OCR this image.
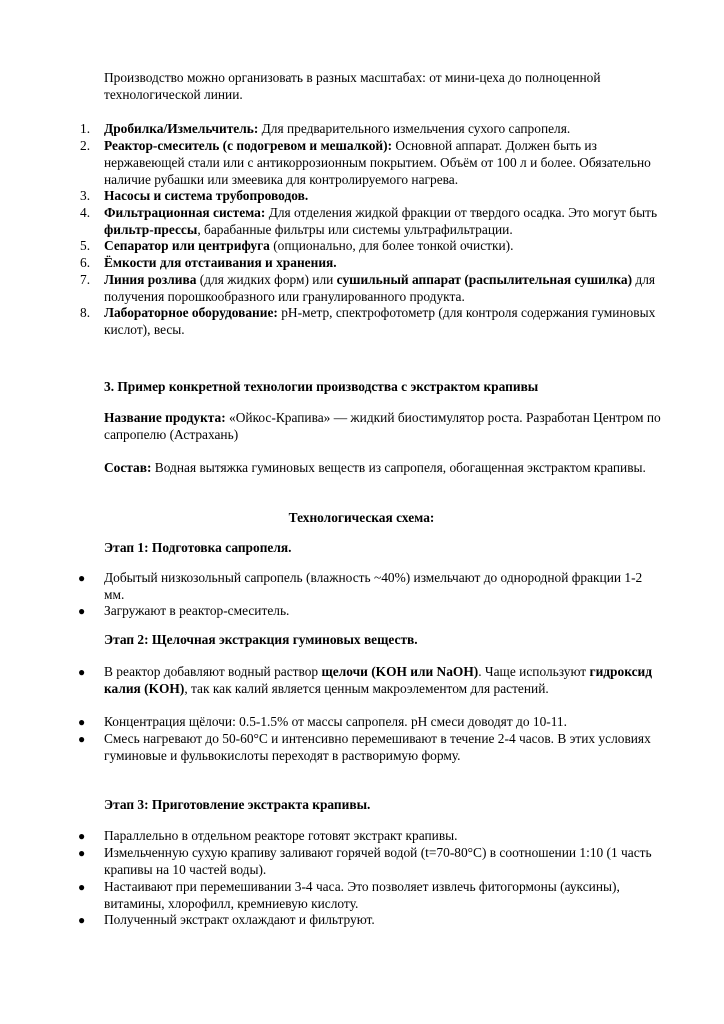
Производство можно организовать в разных масштабах: от мини-цеха до полноценной технологической линии.

1.	Дробилка/Измельчитель: Для предварительного измельчения сухого сапропеля.
2.	Реактор-смеситель (с подогревом и мешалкой): Основной аппарат. Должен быть из нержавеющей стали или с антикоррозионным покрытием. Объём от 100 л и более. Обязательно наличие рубашки или змеевика для контролируемого нагрева.
3.	Насосы и система трубопроводов.
4.	Фильтрационная система: Для отделения жидкой фракции от твердого осадка. Это могут быть фильтр-прессы, барабанные фильтры или системы ультрафильтрации.
5.	Сепаратор или центрифуга (опционально, для более тонкой очистки).
6.	Ёмкости для отстаивания и хранения.
7.	Линия розлива (для жидких форм) или сушильный аппарат (распылительная сушилка) для получения порошкообразного или гранулированного продукта.
8.	Лабораторное оборудование: pH-метр, спектрофотометр (для контроля содержания гуминовых кислот), весы.

3. Пример конкретной технологии производства с экстрактом крапивы

Название продукта: «Ойкос-Крапива» — жидкий биостимулятор роста. Разработан Центром по сапропелю (Астрахань)

Состав: Водная вытяжка гуминовых веществ из сапропеля, обогащенная экстрактом крапивы.

Технологическая схема:

Этап 1: Подготовка сапропеля.

●	Добытый низкозольный сапропель (влажность ~40%) измельчают до однородной фракции 1-2 мм.
●	Загружают в реактор-смеситель.

Этап 2: Щелочная экстракция гуминовых веществ.

●	В реактор добавляют водный раствор щелочи (KOH или NaOH). Чаще используют гидроксид калия (KOH), так как калий является ценным макроэлементом для растений.
●	Концентрация щёлочи: 0.5-1.5% от массы сапропеля. pH смеси доводят до 10-11.
●	Смесь нагревают до 50-60°C и интенсивно перемешивают в течение 2-4 часов. В этих условиях гуминовые и фульвокислоты переходят в растворимую форму.

Этап 3: Приготовление экстракта крапивы.

●	Параллельно в отдельном реакторе готовят экстракт крапивы.
●	Измельченную сухую крапиву заливают горячей водой (t=70-80°C) в соотношении 1:10 (1 часть крапивы на 10 частей воды).
●	Настаивают при перемешивании 3-4 часа. Это позволяет извлечь фитогормоны (ауксины), витамины, хлорофилл, кремниевую кислоту.
●	Полученный экстракт охлаждают и фильтруют.
